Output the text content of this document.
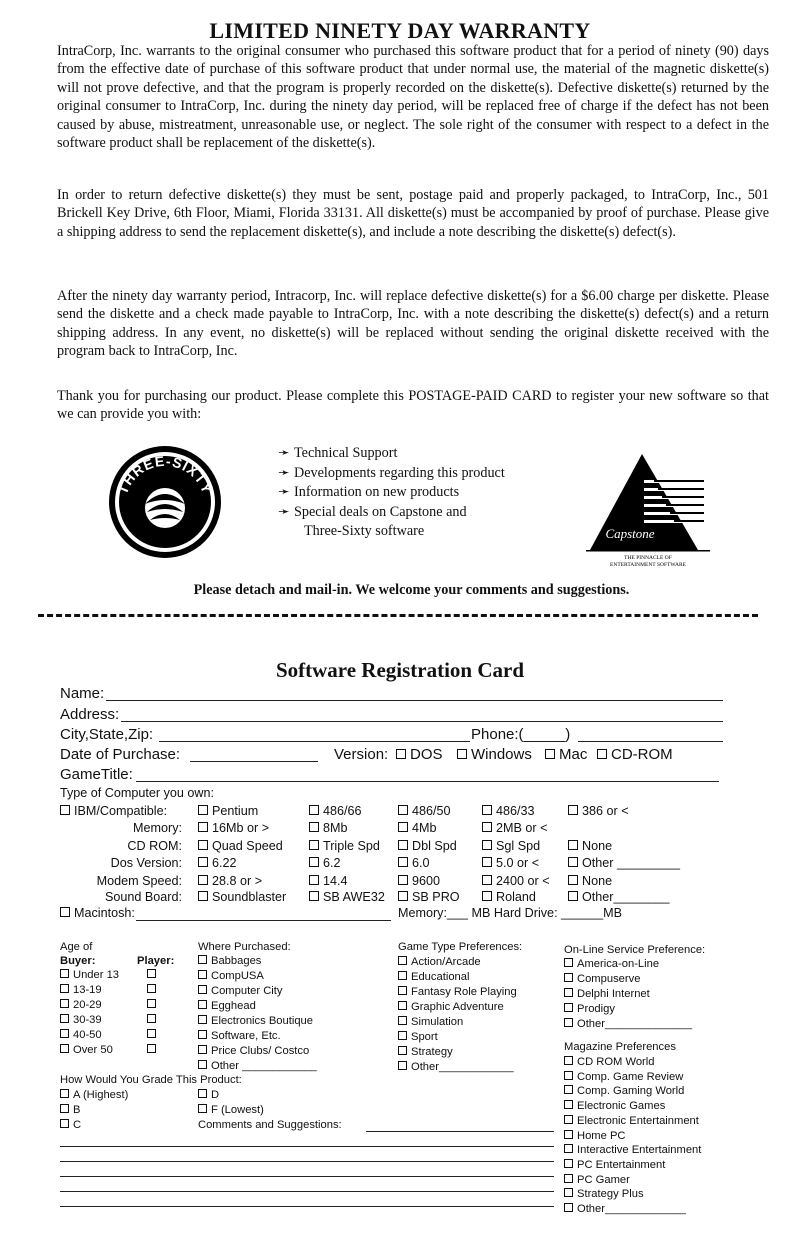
LIMITED NINETY DAY WARRANTY
IntraCorp, Inc. warrants to the original consumer who purchased this software product that for a period of ninety (90) days from the effective date of purchase of this software product that under normal use, the material of the magnetic diskette(s) will not prove defective, and that the program is properly recorded on the diskette(s). Defective diskette(s) returned by the original consumer to IntraCorp, Inc. during the ninety day period, will be replaced free of charge if the defect has not been caused by abuse, mistreatment, unreasonable use, or neglect. The sole right of the consumer with respect to a defect in the software product shall be replacement of the diskette(s).
In order to return defective diskette(s) they must be sent, postage paid and properly packaged, to IntraCorp, Inc., 501 Brickell Key Drive, 6th Floor, Miami, Florida 33131. All diskette(s) must be accompanied by proof of purchase. Please give a shipping address to send the replacement diskette(s), and include a note describing the diskette(s) defect(s).
After the ninety day warranty period, Intracorp, Inc. will replace defective diskette(s) for a $6.00 charge per diskette. Please send the diskette and a check made payable to IntraCorp, Inc. with a note describing the diskette(s) defect(s) and a return shipping address. In any event, no diskette(s) will be replaced without sending the original diskette received with the program back to IntraCorp, Inc.
Thank you for purchasing our product. Please complete this POSTAGE-PAID CARD to register your new software so that we can provide you with:
THREE-SIXTY
➛ Technical Support
➛ Developments regarding this product
➛ Information on new products
➛ Special deals on Capstone and
Three-Sixty software	Capstone
THE PINNACLE OF
ENTERTAINMENT SOFTWARE
Please detach and mail-in. We welcome your comments and suggestions.
Software Registration Card
Name:
Address:
City,State,Zip:	Phone:(_____)
Date of Purchase:	Version:	DOS	Windows	Mac	CD-ROM
GameTitle:
Type of Computer you own:
IBM/Compatible:	Pentium	486/66	486/50	486/33	386 or <
Memory:	16Mb or >	8Mb	4Mb	2MB or <
CD ROM:	Quad Speed	Triple Spd	Dbl Spd	Sgl Spd	None
Dos Version:	6.22	6.2	6.0	5.0 or <	Other _________
Modem Speed:	28.8 or >	14.4	9600	2400 or <	None
Sound Board:	Soundblaster	SB AWE32	SB PRO	Roland	Other________
Macintosh:	Memory:___ MB Hard Drive: ______MB
Age of
Buyer:	Player:
Under 13
13-19
20-29
30-39
40-50
Over 50
Where Purchased:
Babbages
CompUSA
Computer City
Egghead
Electronics Boutique
Software, Etc.
Price Clubs/ Costco
Other ____________
Game Type Preferences:
Action/Arcade
Educational
Fantasy Role Playing
Graphic Adventure
Simulation
Sport
Strategy
Other____________
On-Line Service Preference:
America-on-Line
Compuserve
Delphi Internet
Prodigy
Other______________
Magazine Preferences
CD ROM World
Comp. Game Review
Comp. Gaming World
Electronic Games
Electronic Entertainment
Home PC
Interactive Entertainment
PC Entertainment
PC Gamer
Strategy Plus
Other_____________
How Would You Grade This Product:
A (Highest)
B
C
D
F (Lowest)
Comments and Suggestions:
